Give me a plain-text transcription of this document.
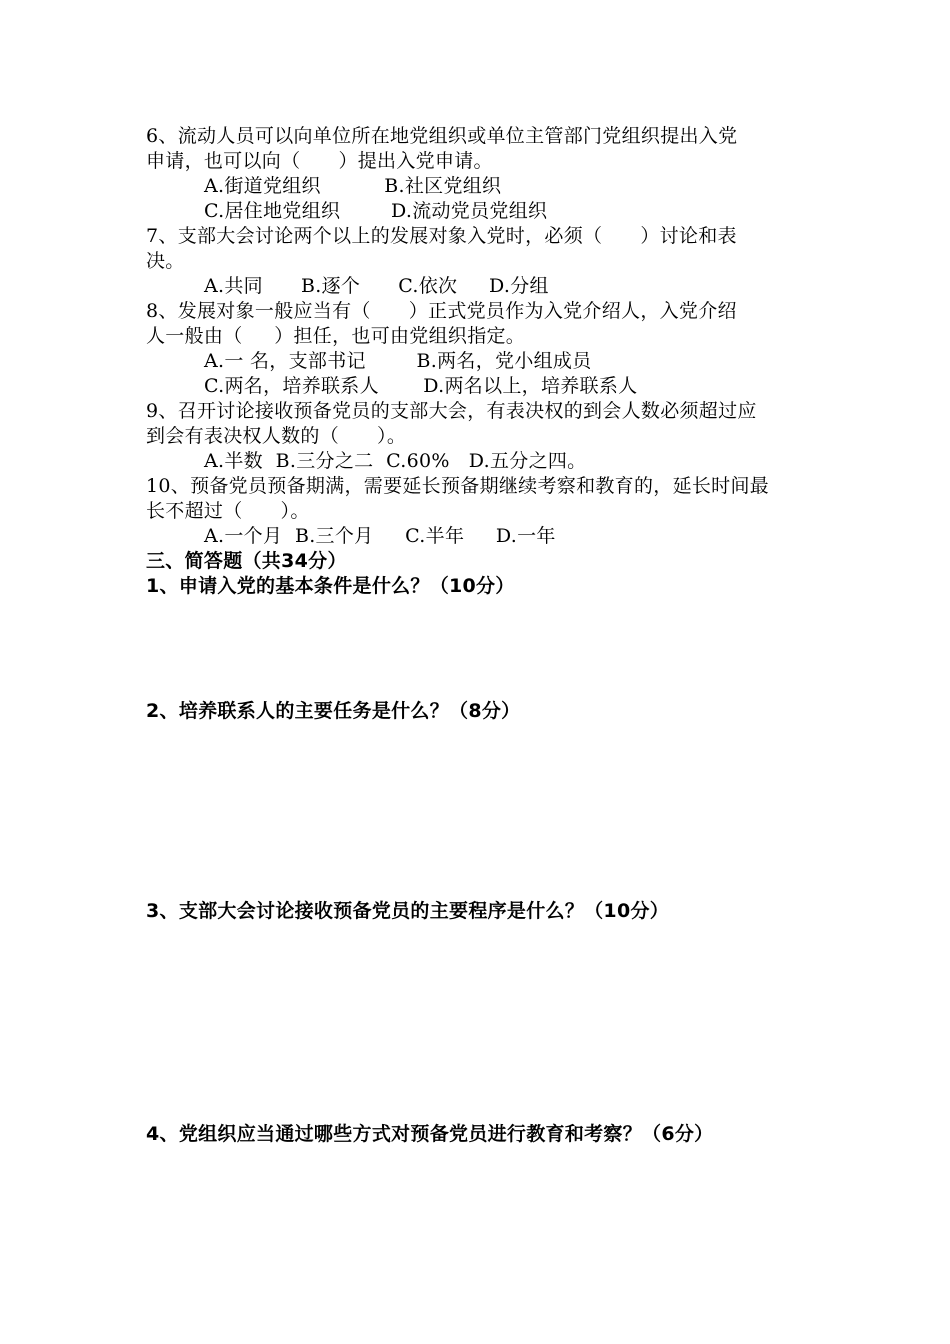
6、流动人员可以向单位所在地党组织或单位主管部门党组织提出入党
申请，也可以向（      ）提出入党申请。
A.街道党组织          B.社区党组织
C.居住地党组织        D.流动党员党组织
7、支部大会讨论两个以上的发展对象入党时，必须（      ）讨论和表
决。
A.共同      B.逐个      C.依次     D.分组
8、发展对象一般应当有（      ）正式党员作为入党介绍人，入党介绍
人一般由（     ）担任，也可由党组织指定。
A.一 名，支部书记        B.两名，党小组成员
C.两名，培养联系人       D.两名以上，培养联系人
9、召开讨论接收预备党员的支部大会，有表决权的到会人数必须超过应
到会有表决权人数的（      ）。
A.半数  B.三分之二  C.60%   D.五分之四。
10、预备党员预备期满，需要延长预备期继续考察和教育的，延长时间最
长不超过（      ）。
A.一个月  B.三个月     C.半年     D.一年
三、简答题（共34分）
1、申请入党的基本条件是什么？（10分）
2、培养联系人的主要任务是什么？（8分）
3、支部大会讨论接收预备党员的主要程序是什么？（10分）
4、党组织应当通过哪些方式对预备党员进行教育和考察？（6分）
